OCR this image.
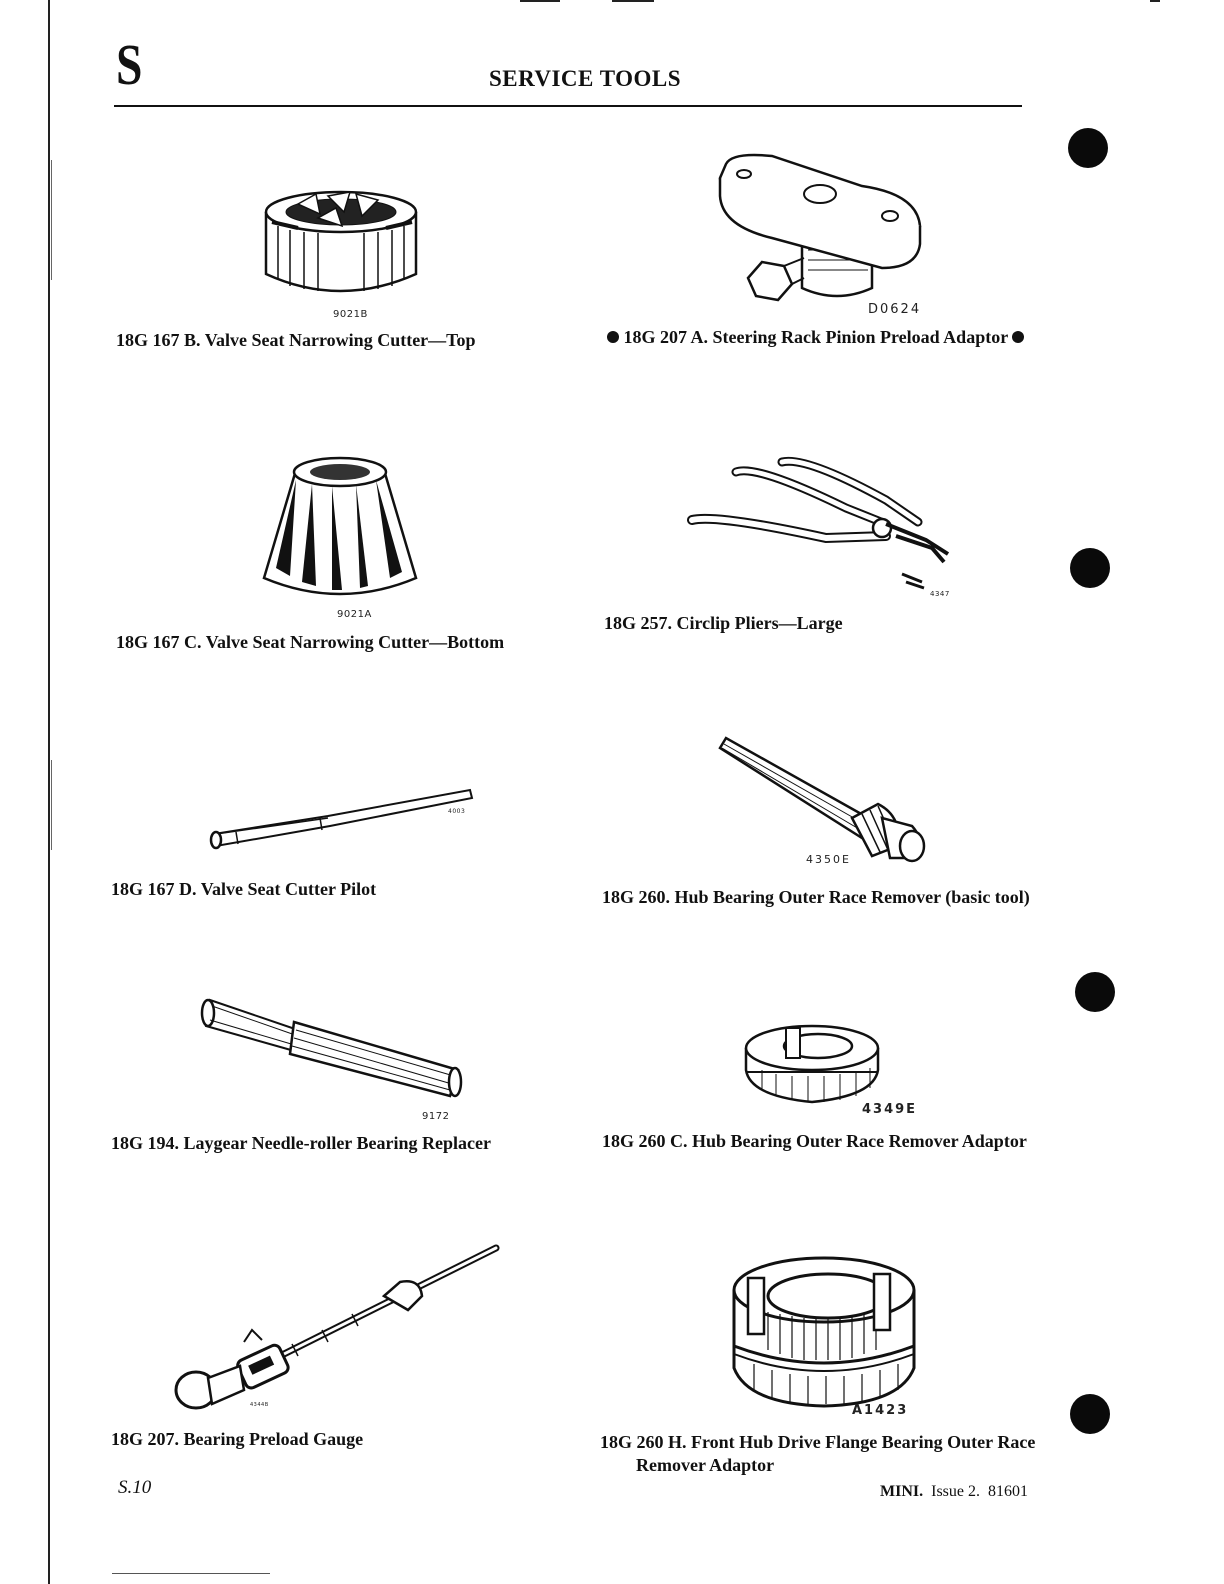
S	SERVICE TOOLS
9021B
18G 167 B. Valve Seat Narrowing Cutter—Top
D0624
18G 207 A. Steering Rack Pinion Preload Adaptor
9021A
18G 167 C. Valve Seat Narrowing Cutter—Bottom
4347
18G 257. Circlip Pliers—Large
4003
18G 167 D. Valve Seat Cutter Pilot
4350E
18G 260. Hub Bearing Outer Race Remover (basic tool)
9172
18G 194. Laygear Needle-roller Bearing Replacer
4349E
18G 260 C. Hub Bearing Outer Race Remover Adaptor
4344B
18G 207. Bearing Preload Gauge
A1423
18G 260 H. Front Hub Drive Flange Bearing Outer Race
Remover Adaptor
S.10	MINI. Issue 2. 81601
